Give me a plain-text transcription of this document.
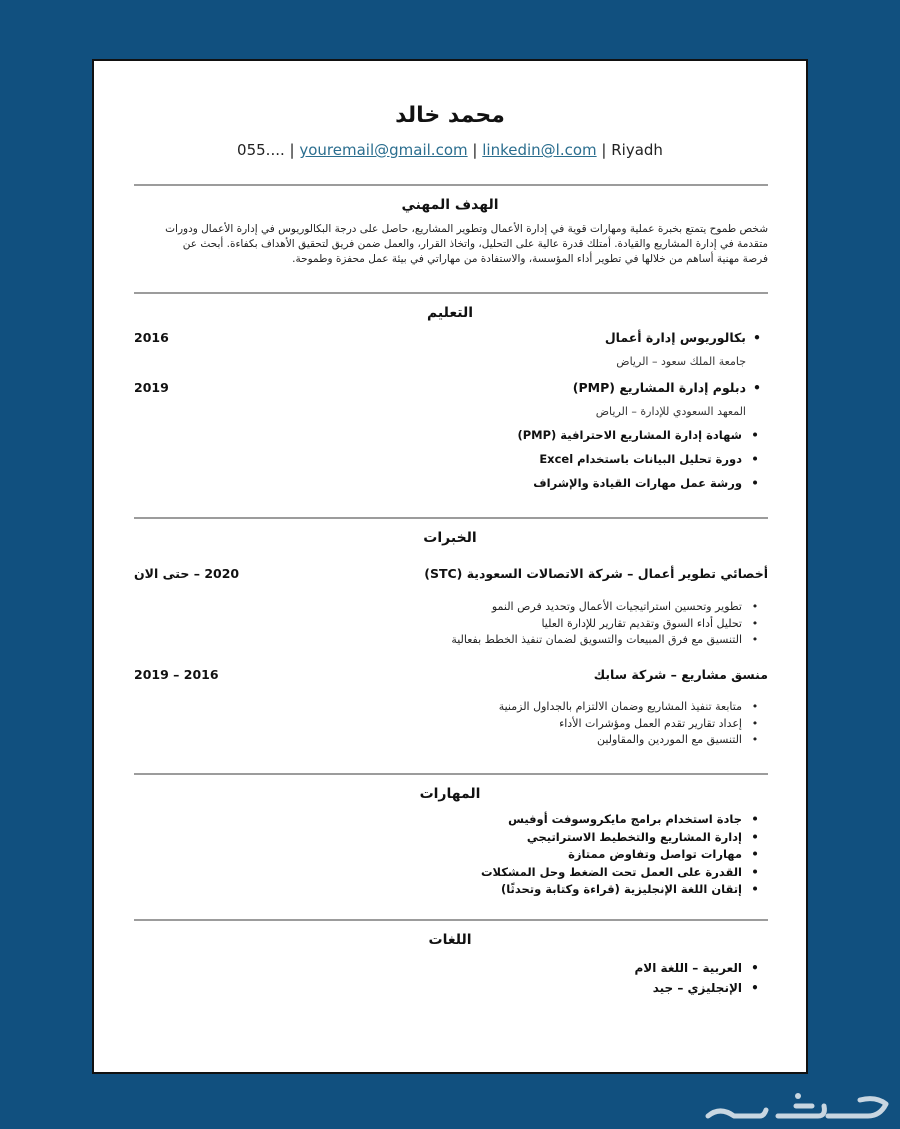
محمد خالد
055.... | youremail@gmail.com | linkedin@l.com | Riyadh
الهدف المهني
شخص طموح يتمتع بخبرة عملية ومهارات قوية في إدارة الأعمال وتطوير المشاريع، حاصل على درجة البكالوريوس في إدارة الأعمال ودورات متقدمة في إدارة المشاريع والقيادة. أمتلك قدرة عالية على التحليل، واتخاذ القرار، والعمل ضمن فريق لتحقيق الأهداف بكفاءة. أبحث عن فرصة مهنية أساهم من خلالها في تطوير أداء المؤسسة، والاستفادة من مهاراتي في بيئة عمل محفزة وطموحة.
التعليم
• بكالوريوس إدارة أعمال
2016
جامعة الملك سعود – الرياض
• دبلوم إدارة المشاريع (PMP)
2019
المعهد السعودي للإدارة – الرياض
• شهادة إدارة المشاريع الاحترافية (PMP)
• دورة تحليل البيانات باستخدام Excel
• ورشة عمل مهارات القيادة والإشراف
الخبرات
أخصائي تطوير أعمال – شركة الاتصالات السعودية (STC)
2020 – حتى الان
• تطوير وتحسين استراتيجيات الأعمال وتحديد فرص النمو
• تحليل أداء السوق وتقديم تقارير للإدارة العليا
• التنسيق مع فرق المبيعات والتسويق لضمان تنفيذ الخطط بفعالية
منسق مشاريع – شركة سابك
2016 – 2019
• متابعة تنفيذ المشاريع وضمان الالتزام بالجداول الزمنية
• إعداد تقارير تقدم العمل ومؤشرات الأداء
• التنسيق مع الموردين والمقاولين
المهارات
• جادة استخدام برامج مايكروسوفت أوفيس
• إدارة المشاريع والتخطيط الاستراتيجي
• مهارات تواصل وتفاوض ممتازة
• القدرة على العمل تحت الضغط وحل المشكلات
• إتقان اللغة الإنجليزية (قراءة وكتابة وتحدثًا)
اللغات
• العربية – اللغة الام
• الإنجليزي – جيد
